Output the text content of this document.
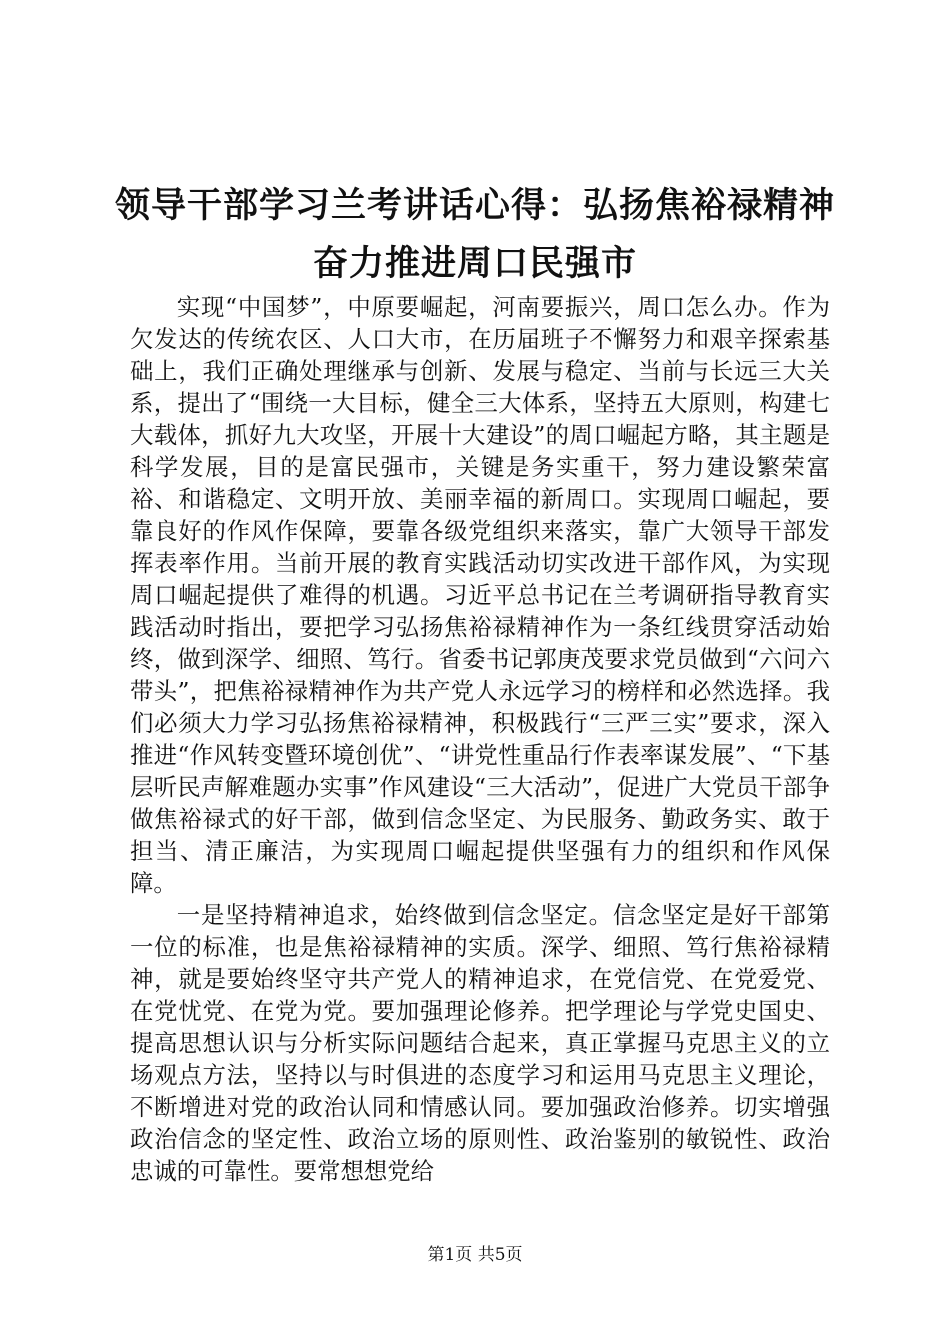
领导干部学习兰考讲话心得：弘扬焦裕禄精神
奋力推进周口民强市

实现“中国梦”，中原要崛起，河南要振兴，周口怎么办。作为欠发达的传统农区、人口大市，在历届班子不懈努力和艰辛探索基础上，我们正确处理继承与创新、发展与稳定、当前与长远三大关系，提出了“围绕一大目标，健全三大体系，坚持五大原则，构建七大载体，抓好九大攻坚，开展十大建设”的周口崛起方略，其主题是科学发展，目的是富民强市，关键是务实重干，努力建设繁荣富裕、和谐稳定、文明开放、美丽幸福的新周口。实现周口崛起，要靠良好的作风作保障，要靠各级党组织来落实，靠广大领导干部发挥表率作用。当前开展的教育实践活动切实改进干部作风，为实现周口崛起提供了难得的机遇。习近平总书记在兰考调研指导教育实践活动时指出，要把学习弘扬焦裕禄精神作为一条红线贯穿活动始终，做到深学、细照、笃行。省委书记郭庚茂要求党员做到“六问六带头”，把焦裕禄精神作为共产党人永远学习的榜样和必然选择。我们必须大力学习弘扬焦裕禄精神，积极践行“三严三实”要求，深入推进“作风转变暨环境创优”、“讲党性重品行作表率谋发展”、“下基层听民声解难题办实事”作风建设“三大活动”，促进广大党员干部争做焦裕禄式的好干部，做到信念坚定、为民服务、勤政务实、敢于担当、清正廉洁，为实现周口崛起提供坚强有力的组织和作风保障。

一是坚持精神追求，始终做到信念坚定。信念坚定是好干部第一位的标准，也是焦裕禄精神的实质。深学、细照、笃行焦裕禄精神，就是要始终坚守共产党人的精神追求，在党信党、在党爱党、在党忧党、在党为党。要加强理论修养。把学理论与学党史国史、提高思想认识与分析实际问题结合起来，真正掌握马克思主义的立场观点方法，坚持以与时俱进的态度学习和运用马克思主义理论，不断增进对党的政治认同和情感认同。要加强政治修养。切实增强政治信念的坚定性、政治立场的原则性、政治鉴别的敏锐性、政治忠诚的可靠性。要常想想党给

第1页 共5页
